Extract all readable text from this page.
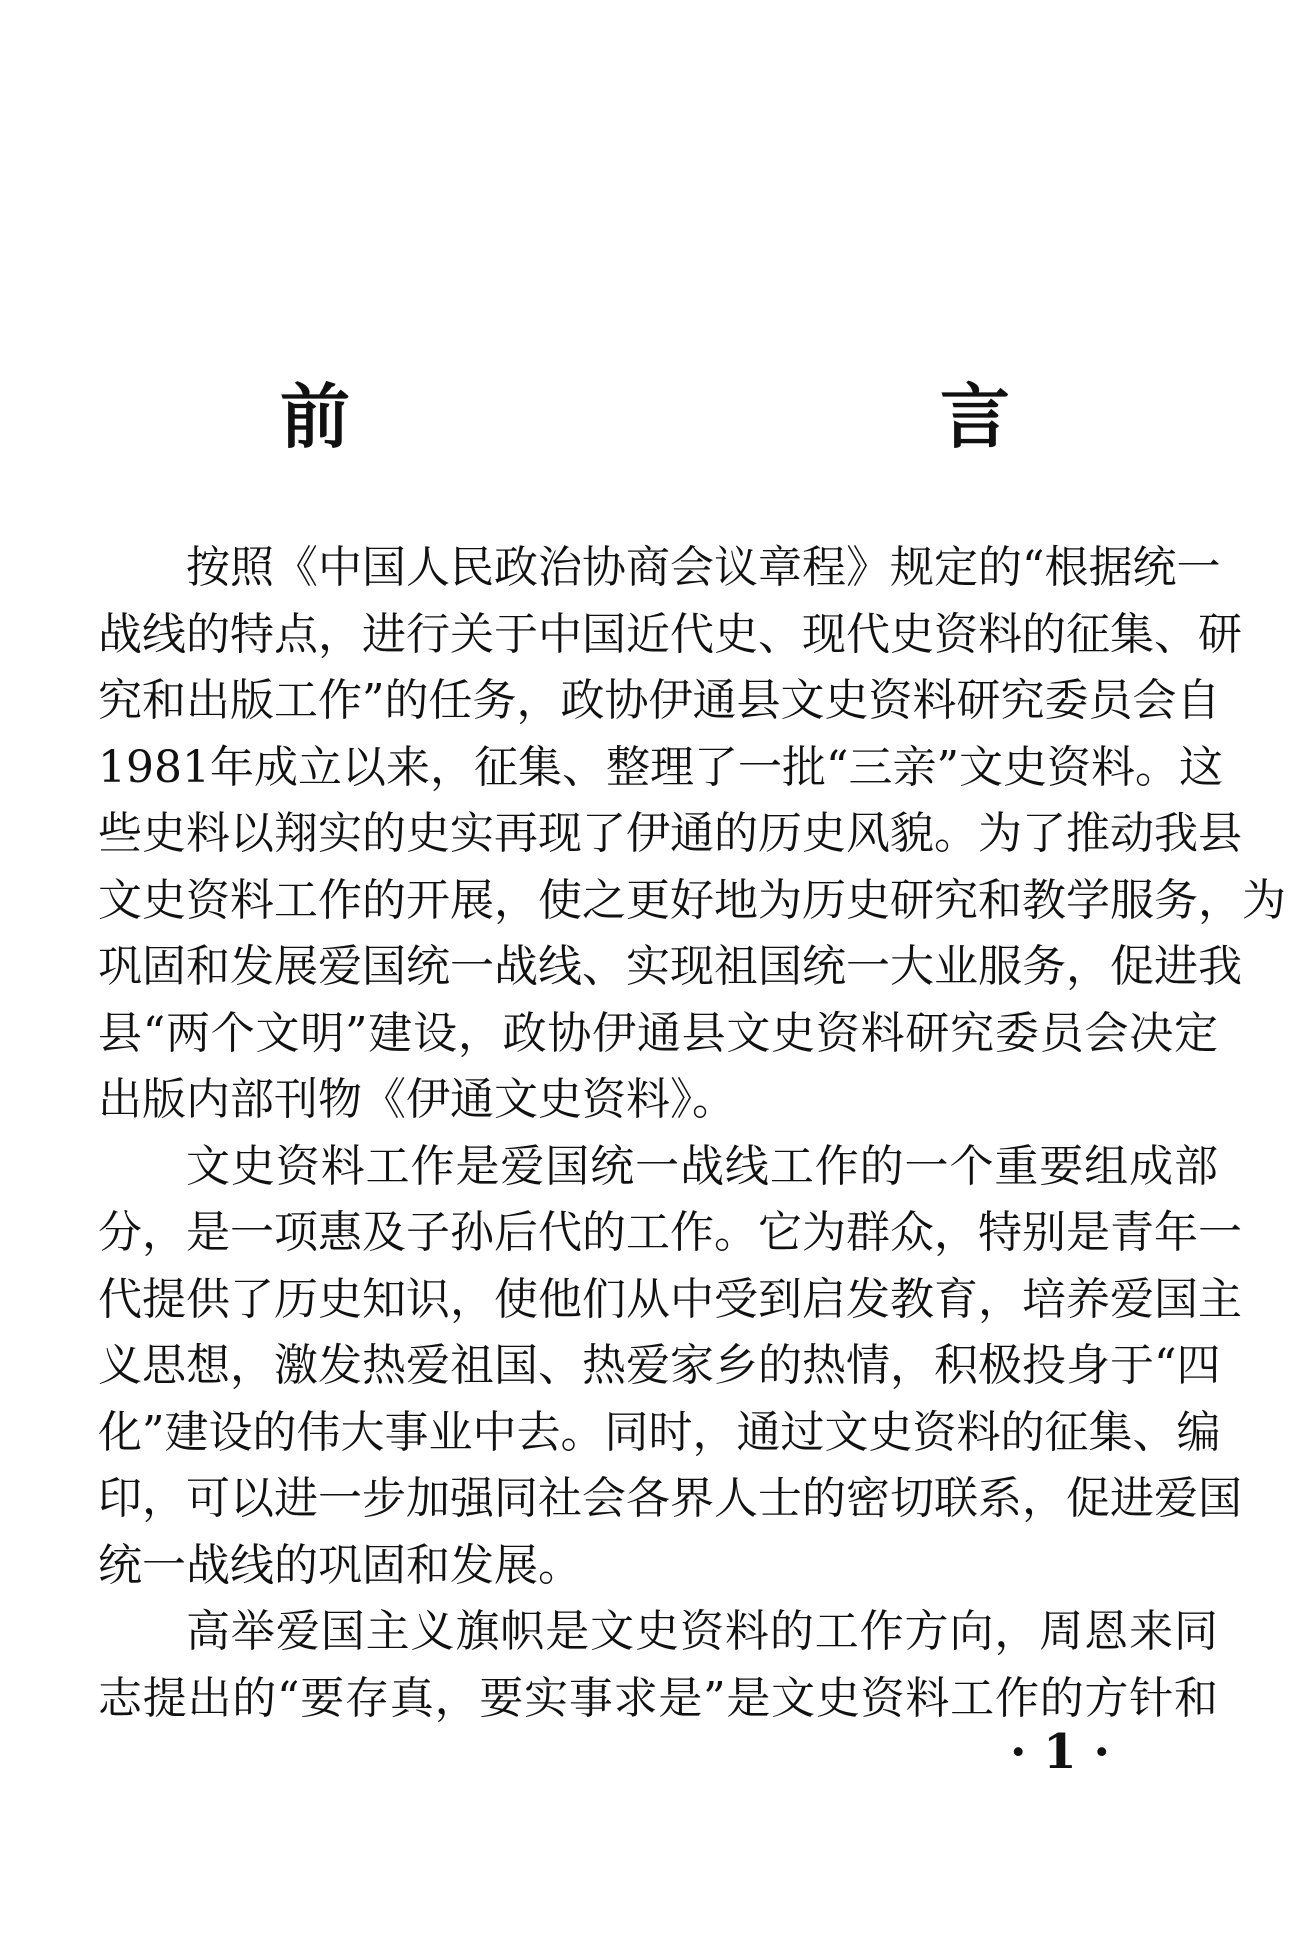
前　言
按照《中国人民政治协商会议章程》规定的“根据统一
战线的特点，进行关于中国近代史、现代史资料的征集、研
究和出版工作”的任务，政协伊通县文史资料研究委员会自
1981年成立以来，征集、整理了一批“三亲”文史资料。这
些史料以翔实的史实再现了伊通的历史风貌。为了推动我县
文史资料工作的开展，使之更好地为历史研究和教学服务，为
巩固和发展爱国统一战线、实现祖国统一大业服务，促进我
县“两个文明”建设，政协伊通县文史资料研究委员会决定
出版内部刊物《伊通文史资料》。
文史资料工作是爱国统一战线工作的一个重要组成部
分，是一项惠及子孙后代的工作。它为群众，特别是青年一
代提供了历史知识，使他们从中受到启发教育，培养爱国主
义思想，激发热爱祖国、热爱家乡的热情，积极投身于“四
化”建设的伟大事业中去。同时，通过文史资料的征集、编
印，可以进一步加强同社会各界人士的密切联系，促进爱国
统一战线的巩固和发展。
高举爱国主义旗帜是文史资料的工作方向，周恩来同
志提出的“要存真，要实事求是”是文史资料工作的方针和
· 1 ·
